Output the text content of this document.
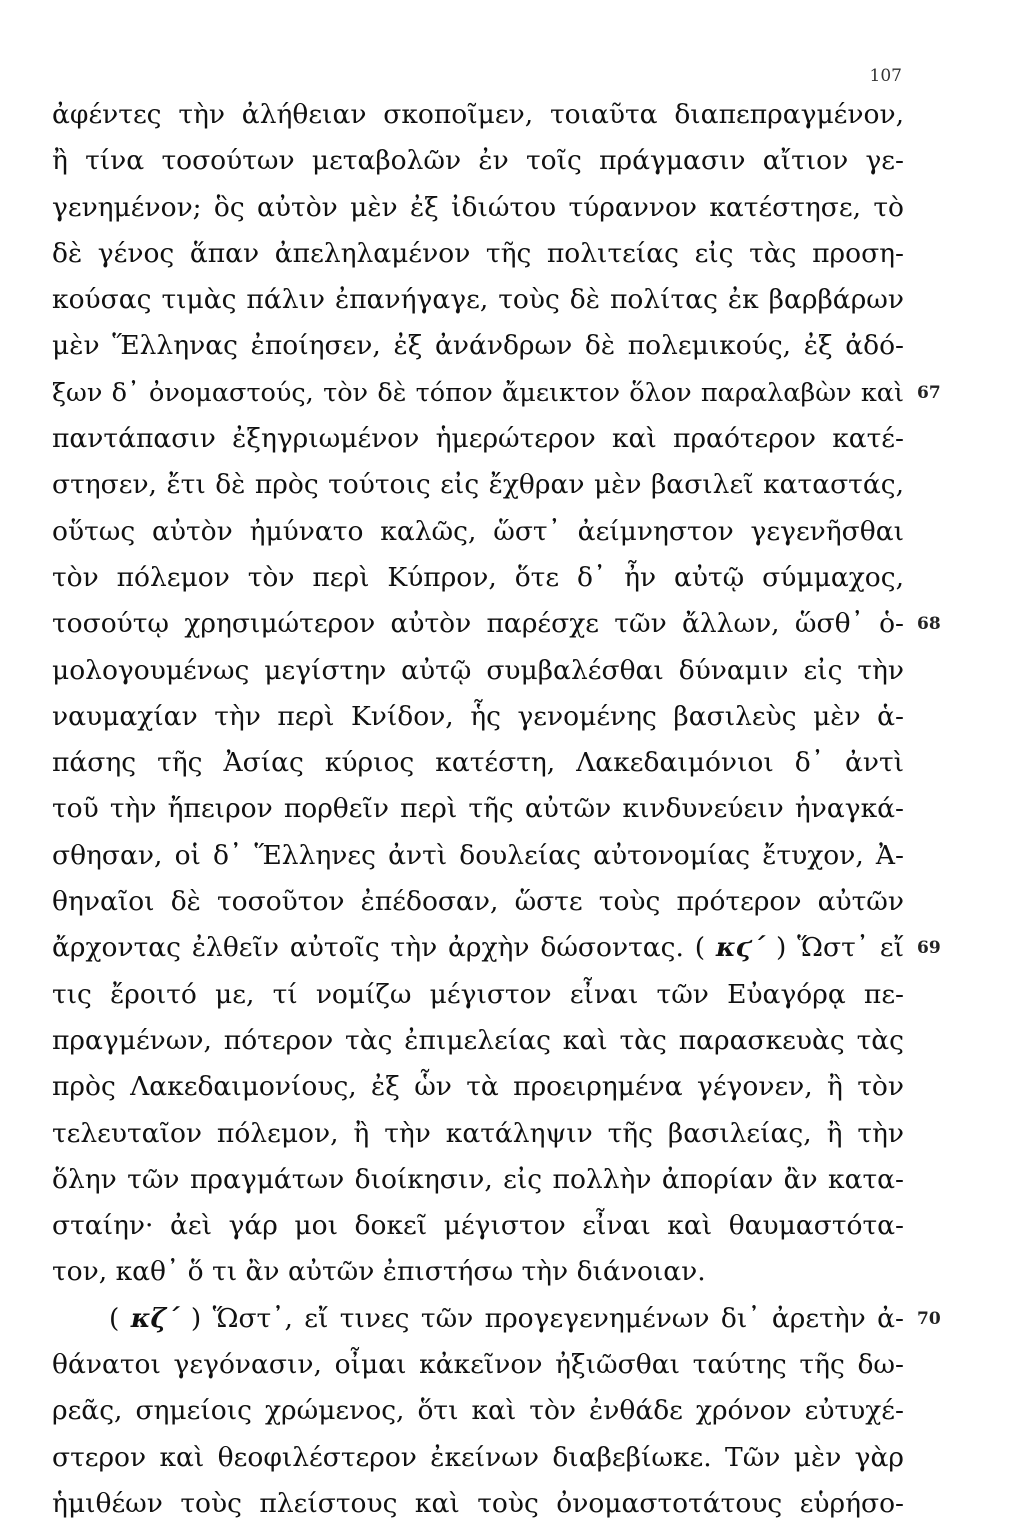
107
ἀφέντες τὴν ἀλήθειαν σκοποῖμεν, τοιαῦτα διαπεπραγμένον,
ἢ τίνα τοσούτων μεταβολῶν ἐν τοῖς πράγμασιν αἴτιον γε-
γενημένον; ὃς αὐτὸν μὲν ἐξ ἰδιώτου τύραννον κατέστησε, τὸ
δὲ γένος ἅπαν ἀπεληλαμένον τῆς πολιτείας εἰς τὰς προση-
κούσας τιμὰς πάλιν ἐπανήγαγε, τοὺς δὲ πολίτας ἐκ βαρβάρων
μὲν Ἕλληνας ἐποίησεν, ἐξ ἀνάνδρων δὲ πολεμικούς, ἐξ ἀδό-
ξων δ᾽ ὀνομαστούς, τὸν δὲ τόπον ἄμεικτον ὅλον παραλαβὼν καὶ 67
παντάπασιν ἐξηγριωμένον ἡμερώτερον καὶ πραότερον κατέ-
στησεν, ἔτι δὲ πρὸς τούτοις εἰς ἔχθραν μὲν βασιλεῖ καταστάς,
οὕτως αὐτὸν ἠμύνατο καλῶς, ὥστ᾽ ἀείμνηστον γεγενῆσθαι
τὸν πόλεμον τὸν περὶ Κύπρον, ὅτε δ᾽ ἦν αὐτῷ σύμμαχος,
τοσούτῳ χρησιμώτερον αὐτὸν παρέσχε τῶν ἄλλων, ὥσθ᾽ ὁ- 68
μολογουμένως μεγίστην αὐτῷ συμβαλέσθαι δύναμιν εἰς τὴν
ναυμαχίαν τὴν περὶ Κνίδον, ἧς γενομένης βασιλεὺς μὲν ἁ-
πάσης τῆς Ἀσίας κύριος κατέστη, Λακεδαιμόνιοι δ᾽ ἀντὶ
τοῦ τὴν ἤπειρον πορθεῖν περὶ τῆς αὐτῶν κινδυνεύειν ἠναγκά-
σθησαν, οἱ δ᾽ Ἕλληνες ἀντὶ δουλείας αὐτονομίας ἔτυχον, Ἀ-
θηναῖοι δὲ τοσοῦτον ἐπέδοσαν, ὥστε τοὺς πρότερον αὐτῶν
ἄρχοντας ἐλθεῖν αὐτοῖς τὴν ἀρχὴν δώσοντας. ( κϛ΄ ) Ὥστ᾽ εἴ 69
τις ἔροιτό με, τί νομίζω μέγιστον εἶναι τῶν Εὐαγόρᾳ πε-
πραγμένων, πότερον τὰς ἐπιμελείας καὶ τὰς παρασκευὰς τὰς
πρὸς Λακεδαιμονίους, ἐξ ὧν τὰ προειρημένα γέγονεν, ἢ τὸν
τελευταῖον πόλεμον, ἢ τὴν κατάληψιν τῆς βασιλείας, ἢ τὴν
ὅλην τῶν πραγμάτων διοίκησιν, εἰς πολλὴν ἀπορίαν ἂν κατα-
σταίην· ἀεὶ γάρ μοι δοκεῖ μέγιστον εἶναι καὶ θαυμαστότα-
τον, καθ᾽ ὅ τι ἂν αὐτῶν ἐπιστήσω τὴν διάνοιαν.
( κζ΄ ) Ὥστ᾽, εἴ τινες τῶν προγεγενημένων δι᾽ ἀρετὴν ἀ- 70
θάνατοι γεγόνασιν, οἶμαι κἀκεῖνον ἠξιῶσθαι ταύτης τῆς δω-
ρεᾶς, σημείοις χρώμενος, ὅτι καὶ τὸν ἐνθάδε χρόνον εὐτυχέ-
στερον καὶ θεοφιλέστερον ἐκείνων διαβεβίωκε. Τῶν μὲν γὰρ
ἡμιθέων τοὺς πλείστους καὶ τοὺς ὀνομαστοτάτους εὑρήσο-
